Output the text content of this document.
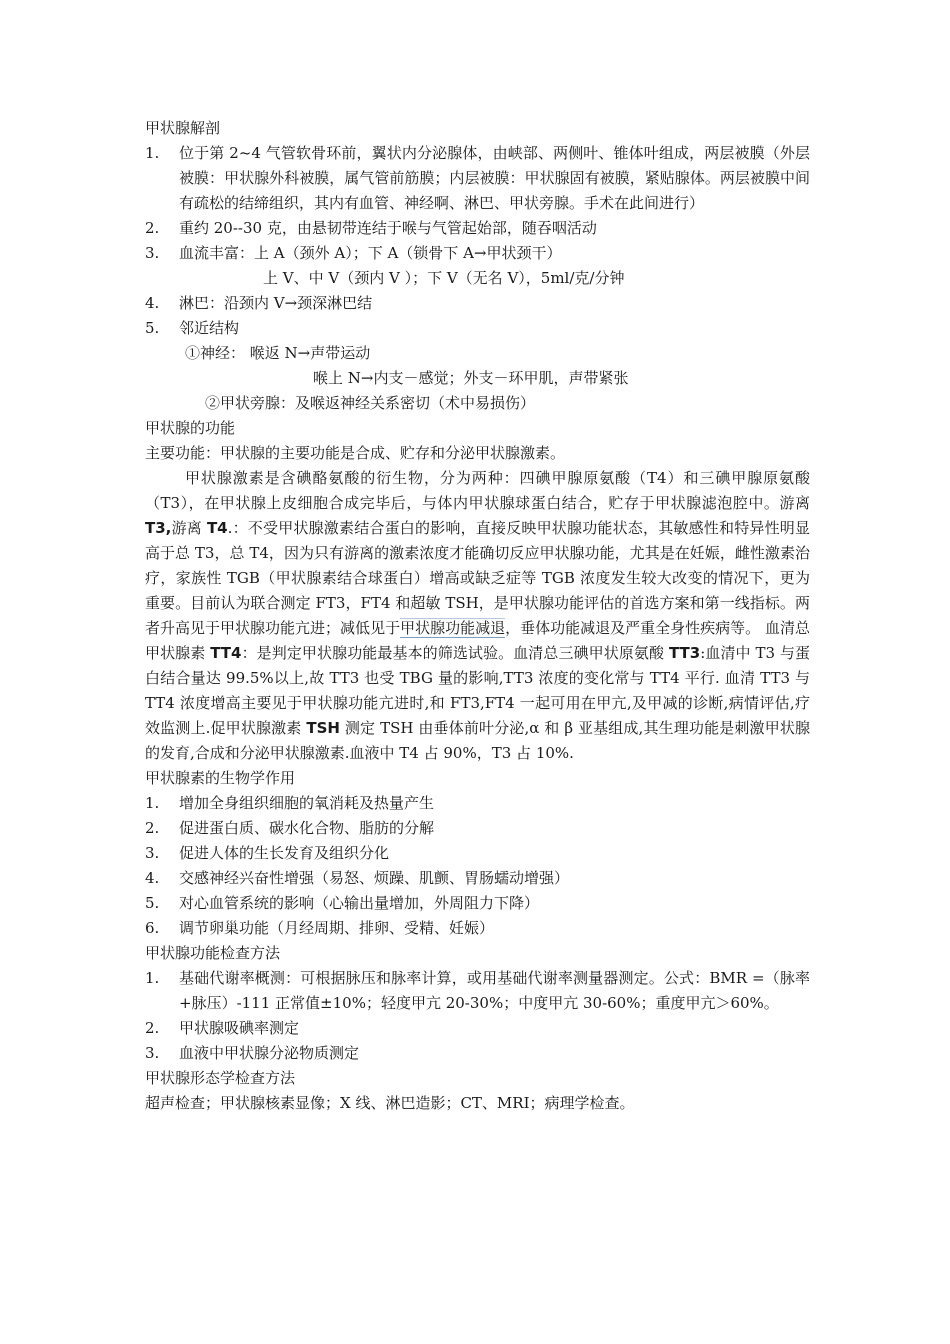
甲状腺解剖
1.	位于第 2~4 气管软骨环前，翼状内分泌腺体，由峡部、两侧叶、锥体叶组成，两层被膜（外层被膜：甲状腺外科被膜，属气管前筋膜；内层被膜：甲状腺固有被膜，紧贴腺体。两层被膜中间有疏松的结缔组织，其内有血管、神经啊、淋巴、甲状旁腺。手术在此间进行）
2.	重约 20--30 克，由悬韧带连结于喉与气管起始部，随吞咽活动
3.	血流丰富：上 A（颈外 A）；下 A（锁骨下 A→甲状颈干）
上 V、中 V（颈内 V ）；下 V（无名 V），5ml/克/分钟
4.	淋巴：沿颈内 V→颈深淋巴结
5.	邻近结构
①神经： 喉返 N→声带运动
喉上 N→内支－感觉；外支－环甲肌，声带紧张
②甲状旁腺：及喉返神经关系密切（术中易损伤）
甲状腺的功能
主要功能：甲状腺的主要功能是合成、贮存和分泌甲状腺激素。
甲状腺激素是含碘酪氨酸的衍生物，分为两种：四碘甲腺原氨酸（T4）和三碘甲腺原氨酸（T3），在甲状腺上皮细胞合成完毕后，与体内甲状腺球蛋白结合，贮存于甲状腺滤泡腔中。游离 T3,游离 T4.：不受甲状腺激素结合蛋白的影响，直接反映甲状腺功能状态，其敏感性和特异性明显高于总 T3，总 T4，因为只有游离的激素浓度才能确切反应甲状腺功能，尤其是在妊娠，雌性激素治疗，家族性 TGB（甲状腺素结合球蛋白）增高或缺乏症等 TGB 浓度发生较大改变的情况下，更为重要。目前认为联合测定 FT3，FT4 和超敏 TSH，是甲状腺功能评估的首选方案和第一线指标。两者升高见于甲状腺功能亢进；减低见于甲状腺功能减退，垂体功能减退及严重全身性疾病等。 血清总甲状腺素 TT4：是判定甲状腺功能最基本的筛选试验。血清总三碘甲状原氨酸 TT3:血清中 T3 与蛋白结合量达 99.5%以上,故 TT3 也受 TBG 量的影响,TT3 浓度的变化常与 TT4 平行. 血清 TT3 与 TT4 浓度增高主要见于甲状腺功能亢进时,和 FT3,FT4 一起可用在甲亢,及甲减的诊断,病情评估,疗效监测上.促甲状腺激素 TSH 测定 TSH 由垂体前叶分泌,α 和 β 亚基组成,其生理功能是刺激甲状腺的发育,合成和分泌甲状腺激素.血液中 T4 占 90%，T3 占 10%.
甲状腺素的生物学作用
1.	增加全身组织细胞的氧消耗及热量产生
2.	促进蛋白质、碳水化合物、脂肪的分解
3.	促进人体的生长发育及组织分化
4.	交感神经兴奋性增强（易怒、烦躁、肌颤、胃肠蠕动增强）
5.	对心血管系统的影响（心输出量增加，外周阻力下降）
6.	调节卵巢功能（月经周期、排卵、受精、妊娠）
甲状腺功能检查方法
1.	基础代谢率概测：可根据脉压和脉率计算，或用基础代谢率测量器测定。公式：BMR =（脉率+脉压）-111 正常值±10%；轻度甲亢 20-30%；中度甲亢 30-60%；重度甲亢＞60%。
2.	甲状腺吸碘率测定
3.	血液中甲状腺分泌物质测定
甲状腺形态学检查方法
超声检查；甲状腺核素显像；X 线、淋巴造影；CT、MRI；病理学检查。
